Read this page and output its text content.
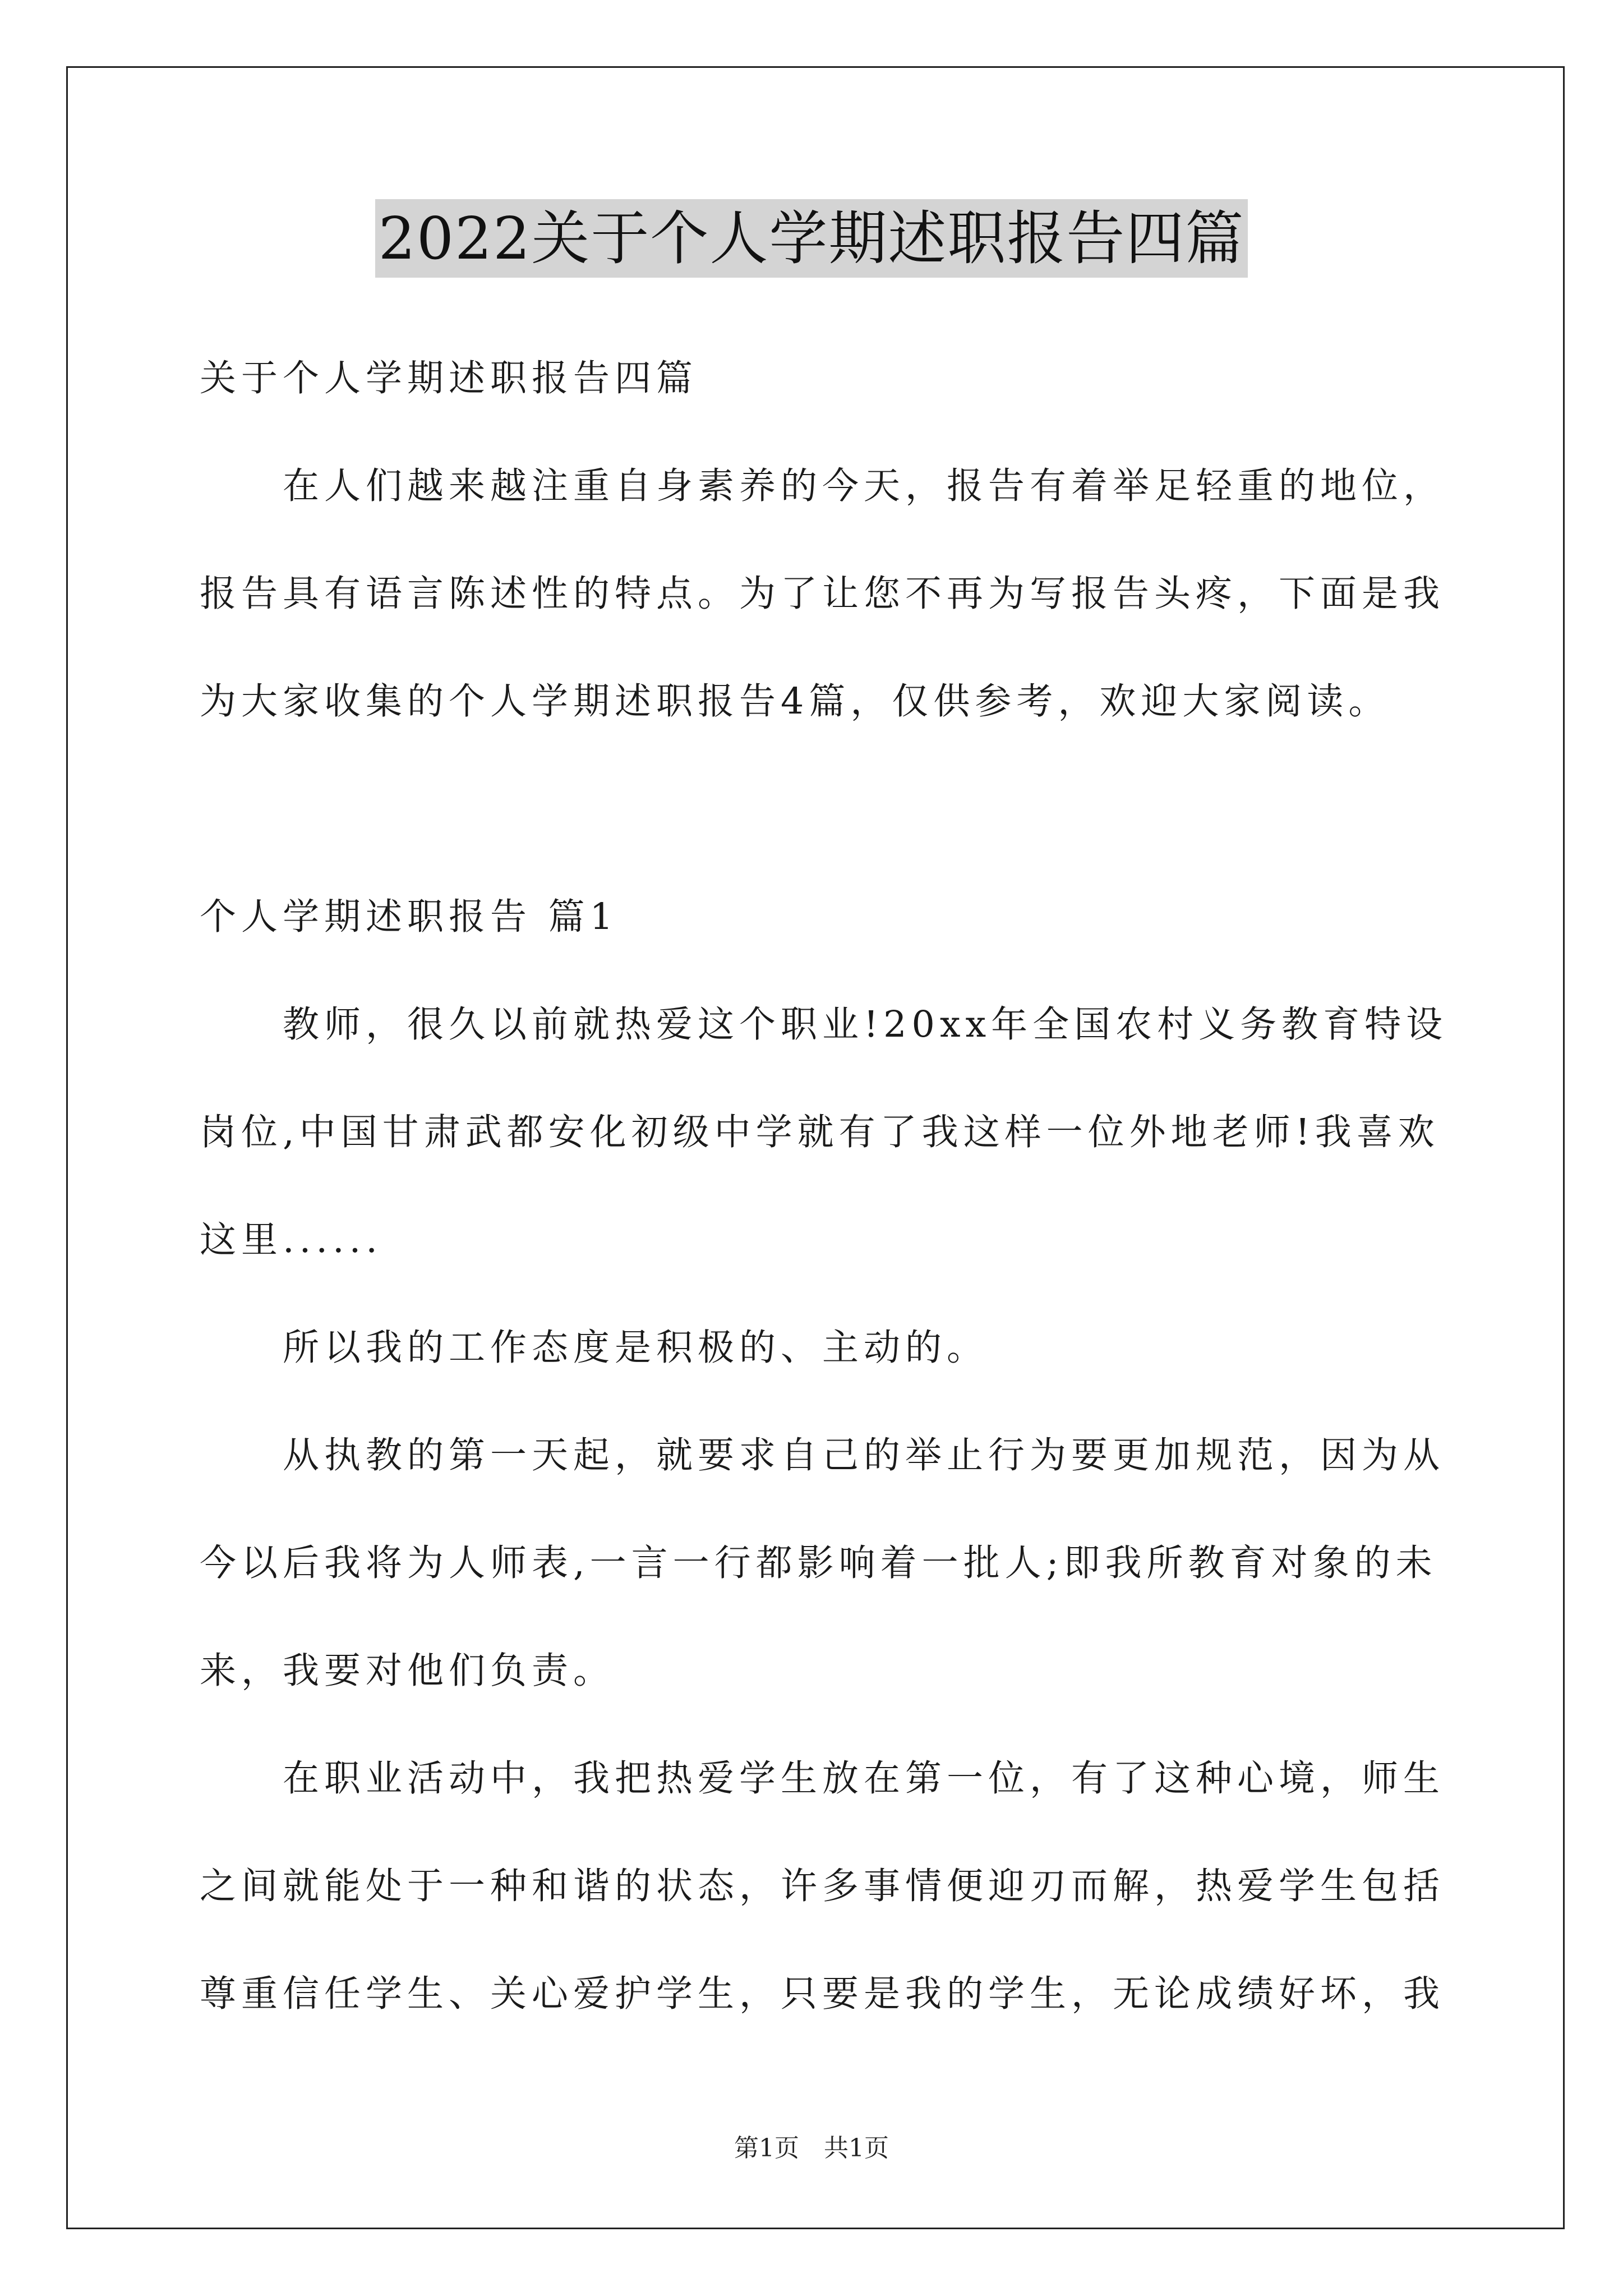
2022关于个人学期述职报告四篇
关于个人学期述职报告四篇
在人们越来越注重自身素养的今天，报告有着举足轻重的地位，
报告具有语言陈述性的特点。为了让您不再为写报告头疼，下面是我
为大家收集的个人学期述职报告4篇，仅供参考，欢迎大家阅读。
个人学期述职报告 篇1
教师，很久以前就热爱这个职业!20xx年全国农村义务教育特设
岗位,中国甘肃武都安化初级中学就有了我这样一位外地老师!我喜欢
这里......
所以我的工作态度是积极的、主动的。
从执教的第一天起，就要求自己的举止行为要更加规范，因为从
今以后我将为人师表,一言一行都影响着一批人;即我所教育对象的未
来，我要对他们负责。
在职业活动中，我把热爱学生放在第一位，有了这种心境，师生
之间就能处于一种和谐的状态，许多事情便迎刃而解，热爱学生包括
尊重信任学生、关心爱护学生，只要是我的学生，无论成绩好坏，我
第1页 共1页
